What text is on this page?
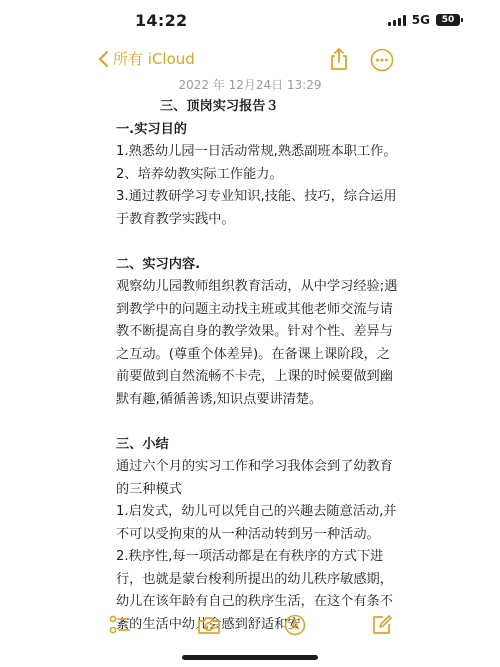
14:22	5G 50
所有 iCloud
2022 年 12月24日 13:29

三、顶岗实习报告３

一.实习目的

1.熟悉幼儿园一日活动常规,熟悉副班本职工作。

2、培养幼教实际工作能力。

3.通过教研学习专业知识,技能、技巧，综合运用于教育教学实践中。

二、实习内容.

观察幼儿园教师组织教育活动，从中学习经验;遇到教学中的问题主动找主班或其他老师交流与请教不断提高自身的教学效果。针对个性、差异与之互动。(尊重个体差异)。在备课上课阶段，之前要做到自然流畅不卡壳，上课的时候要做到幽默有趣,循循善诱,知识点要讲清楚。

三、小结

通过六个月的实习工作和学习我体会到了幼教育的三种模式

1.启发式，幼儿可以凭自己的兴趣去随意活动,并不可以受拘束的从一种活动转到另一种活动。

2.秩序性,每一项活动都是在有秩序的方式下进行，也就是蒙台梭利所提出的幼儿秩序敏感期，幼儿在该年龄有自己的秩序生活，在这个有条不紊的生活中幼儿会感到舒适和安
